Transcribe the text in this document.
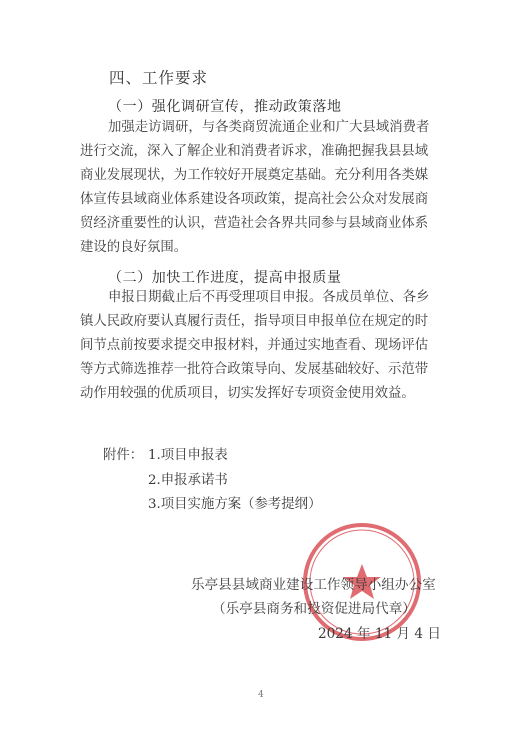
四、工作要求
（一）强化调研宣传，推动政策落地
加强走访调研，与各类商贸流通企业和广大县域消费者
进行交流，深入了解企业和消费者诉求，准确把握我县县域
商业发展现状，为工作较好开展奠定基础。充分利用各类媒
体宣传县域商业体系建设各项政策，提高社会公众对发展商
贸经济重要性的认识，营造社会各界共同参与县域商业体系
建设的良好氛围。
（二）加快工作进度，提高申报质量
申报日期截止后不再受理项目申报。各成员单位、各乡
镇人民政府要认真履行责任，指导项目申报单位在规定的时
间节点前按要求提交申报材料，并通过实地查看、现场评估
等方式筛选推荐一批符合政策导向、发展基础较好、示范带
动作用较强的优质项目，切实发挥好专项资金使用效益。
附件： 1.项目申报表
2.申报承诺书
3.项目实施方案（参考提纲）
乐亭县县域商业建设工作领导小组办公室
（乐亭县商务和投资促进局代章）
2024 年 11 月 4 日
4
